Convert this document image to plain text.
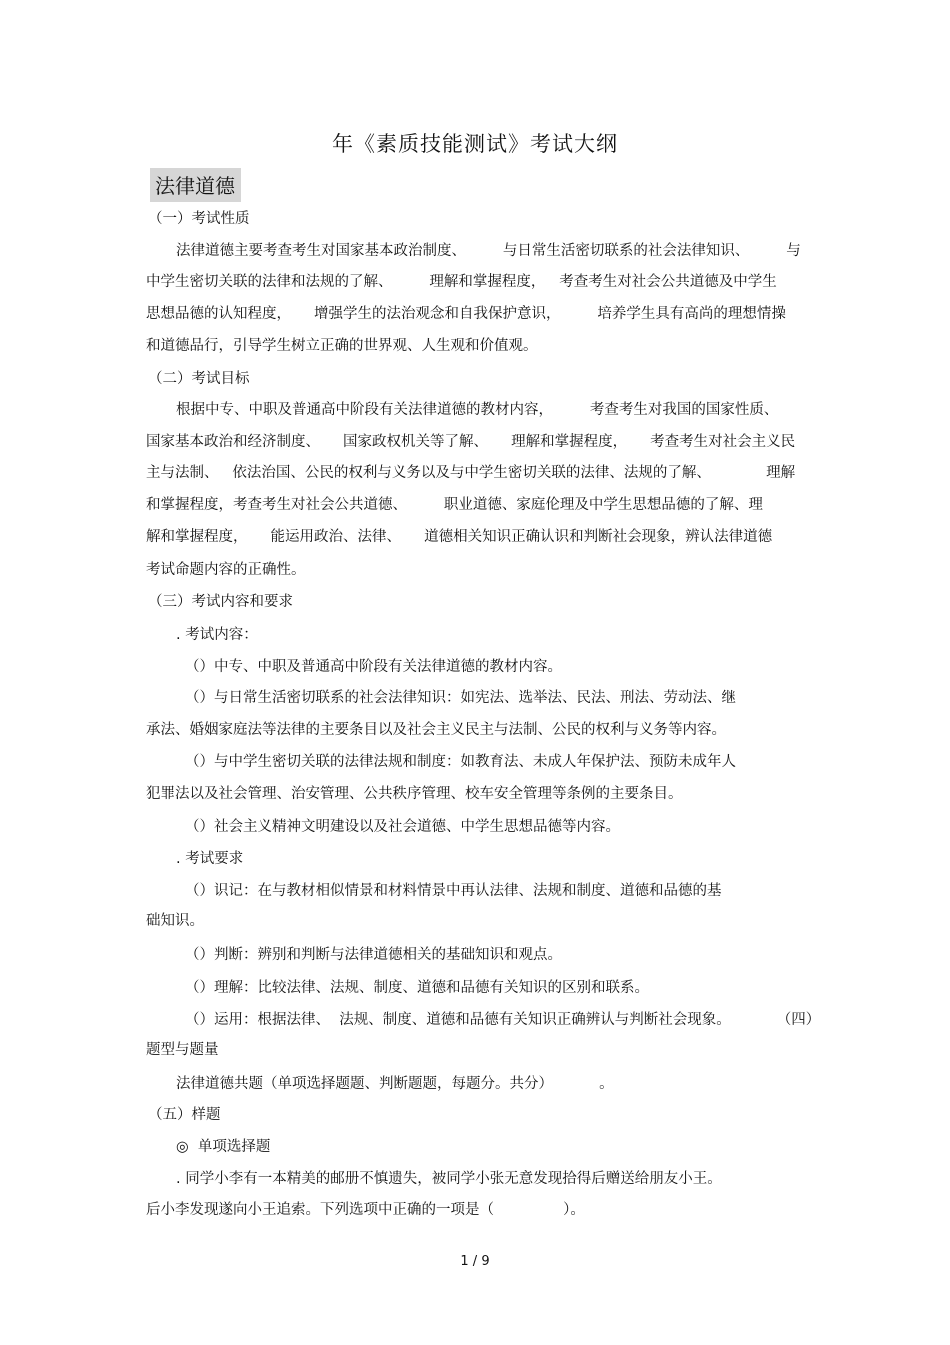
年《素质技能测试》考试大纲
法律道德
（一）考试性质
法律道德主要考查考生对国家基本政治制度、        与日常生活密切联系的社会法律知识、        与
中学生密切关联的法律和法规的了解、        理解和掌握程度，   考查考生对社会公共道德及中学生
思想品德的认知程度，     增强学生的法治观念和自我保护意识，        培养学生具有高尚的理想情操
和道德品行，引导学生树立正确的世界观、人生观和价值观。
（二）考试目标
根据中专、中职及普通高中阶段有关法律道德的教材内容，        考查考生对我国的国家性质、
国家基本政治和经济制度、     国家政权机关等了解、     理解和掌握程度，     考查考生对社会主义民
主与法制、   依法治国、公民的权利与义务以及与中学生密切关联的法律、法规的了解、            理解
和掌握程度，考查考生对社会公共道德、        职业道德、家庭伦理及中学生思想品德的了解、理
解和掌握程度，     能运用政治、法律、     道德相关知识正确认识和判断社会现象，辨认法律道德
考试命题内容的正确性。
（三）考试内容和要求
. 考试内容：
（）中专、中职及普通高中阶段有关法律道德的教材内容。
（）与日常生活密切联系的社会法律知识：如宪法、选举法、民法、刑法、劳动法、继
承法、婚姻家庭法等法律的主要条目以及社会主义民主与法制、公民的权利与义务等内容。
（）与中学生密切关联的法律法规和制度：如教育法、未成人年保护法、预防未成年人
犯罪法以及社会管理、治安管理、公共秩序管理、校车安全管理等条例的主要条目。
（）社会主义精神文明建设以及社会道德、中学生思想品德等内容。
. 考试要求
（）识记：在与教材相似情景和材料情景中再认法律、法规和制度、道德和品德的基
础知识。
（）判断：辨别和判断与法律道德相关的基础知识和观点。
（）理解：比较法律、法规、制度、道德和品德有关知识的区别和联系。
（）运用：根据法律、  法规、制度、道德和品德有关知识正确辨认与判断社会现象。          （四）
题型与题量
法律道德共题（单项选择题题、判断题题，每题分。共分）          。
（五）样题
◎  单项选择题
. 同学小李有一本精美的邮册不慎遗失，被同学小张无意发现拾得后赠送给朋友小王。
后小李发现遂向小王追索。下列选项中正确的一项是（               ）。
1 / 9
